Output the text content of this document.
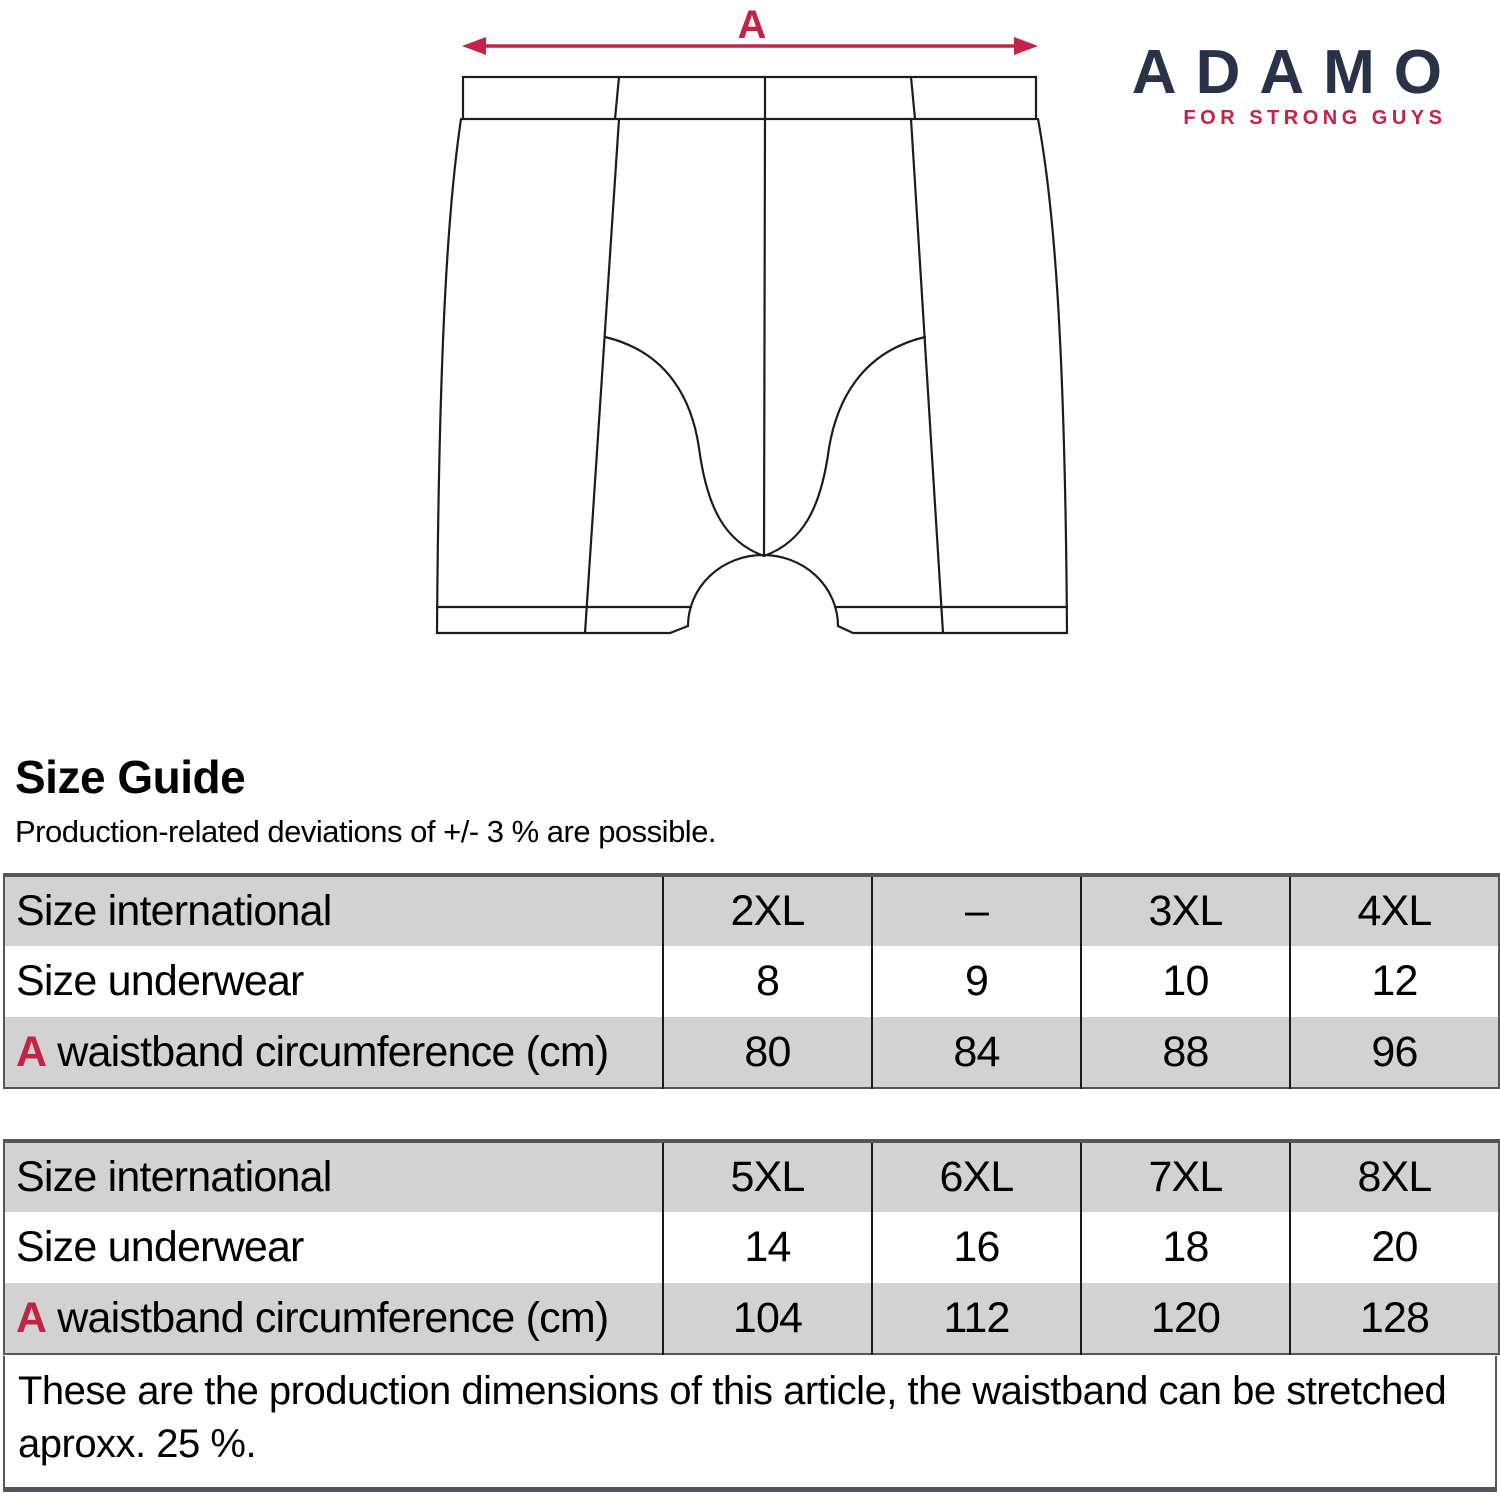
A
ADAMO
FOR STRONG GUYS
Size Guide
Production-related deviations of +/- 3 % are possible.
Size international	2XL	–	3XL	4XL
Size underwear	8	9	10	12
A waistband circumference (cm)	80	84	88	96
Size international	5XL	6XL	7XL	8XL
Size underwear	14	16	18	20
A waistband circumference (cm)	104	112	120	128
These are the production dimensions of this article, the waistband can be stretched aproxx. 25 %.
